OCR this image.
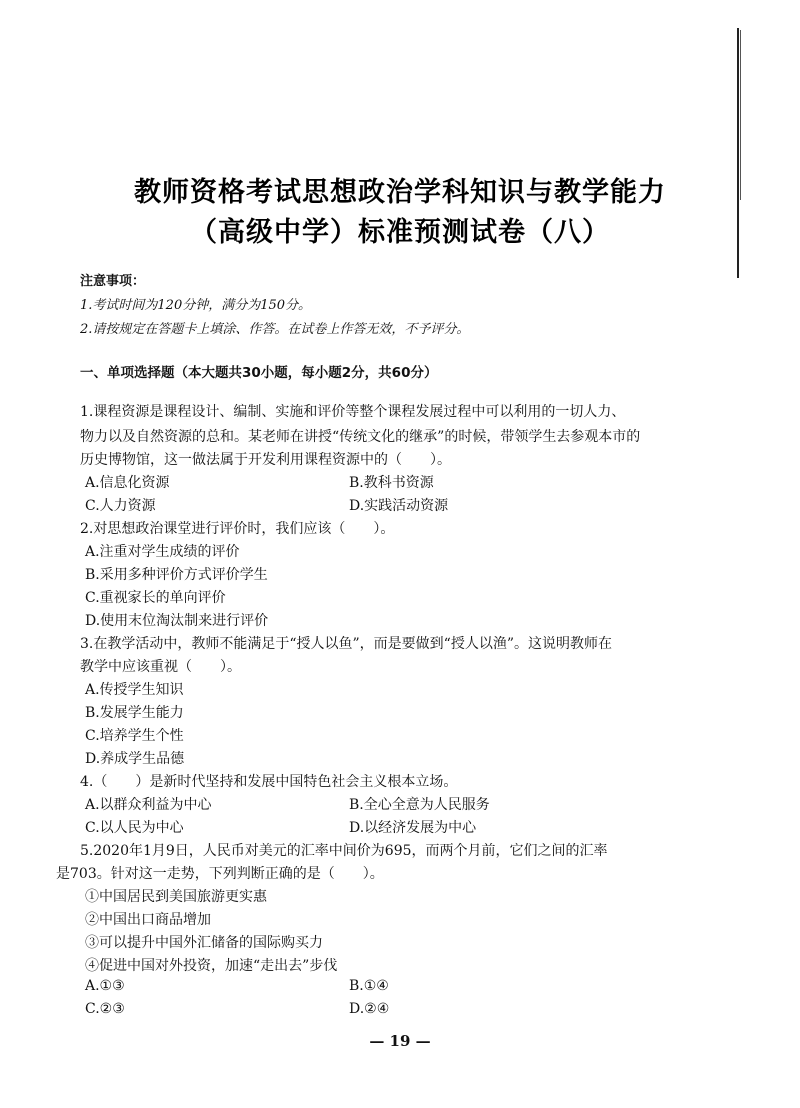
教师资格考试思想政治学科知识与教学能力
（高级中学）标准预测试卷（八）
注意事项：
1.考试时间为120分钟，满分为150分。
2.请按规定在答题卡上填涂、作答。在试卷上作答无效，不予评分。
一、单项选择题（本大题共30小题，每小题2分，共60分）
1.课程资源是课程设计、编制、实施和评价等整个课程发展过程中可以利用的一切人力、
物力以及自然资源的总和。某老师在讲授“传统文化的继承”的时候，带领学生去参观本市的
历史博物馆，这一做法属于开发利用课程资源中的（　　）。
A.信息化资源	B.教科书资源
C.人力资源	D.实践活动资源
2.对思想政治课堂进行评价时，我们应该（　　）。
A.注重对学生成绩的评价
B.采用多种评价方式评价学生
C.重视家长的单向评价
D.使用末位淘汰制来进行评价
3.在教学活动中，教师不能满足于“授人以鱼”，而是要做到“授人以渔”。这说明教师在
教学中应该重视（　　）。
A.传授学生知识
B.发展学生能力
C.培养学生个性
D.养成学生品德
4.（　　）是新时代坚持和发展中国特色社会主义根本立场。
A.以群众利益为中心	B.全心全意为人民服务
C.以人民为中心	D.以经济发展为中心
5.2020年1月9日，人民币对美元的汇率中间价为695，而两个月前，它们之间的汇率
是703。针对这一走势，下列判断正确的是（　　）。
①中国居民到美国旅游更实惠
②中国出口商品增加
③可以提升中国外汇储备的国际购买力
④促进中国对外投资，加速“走出去”步伐
A.①③	B.①④
C.②③	D.②④
— 19 —
